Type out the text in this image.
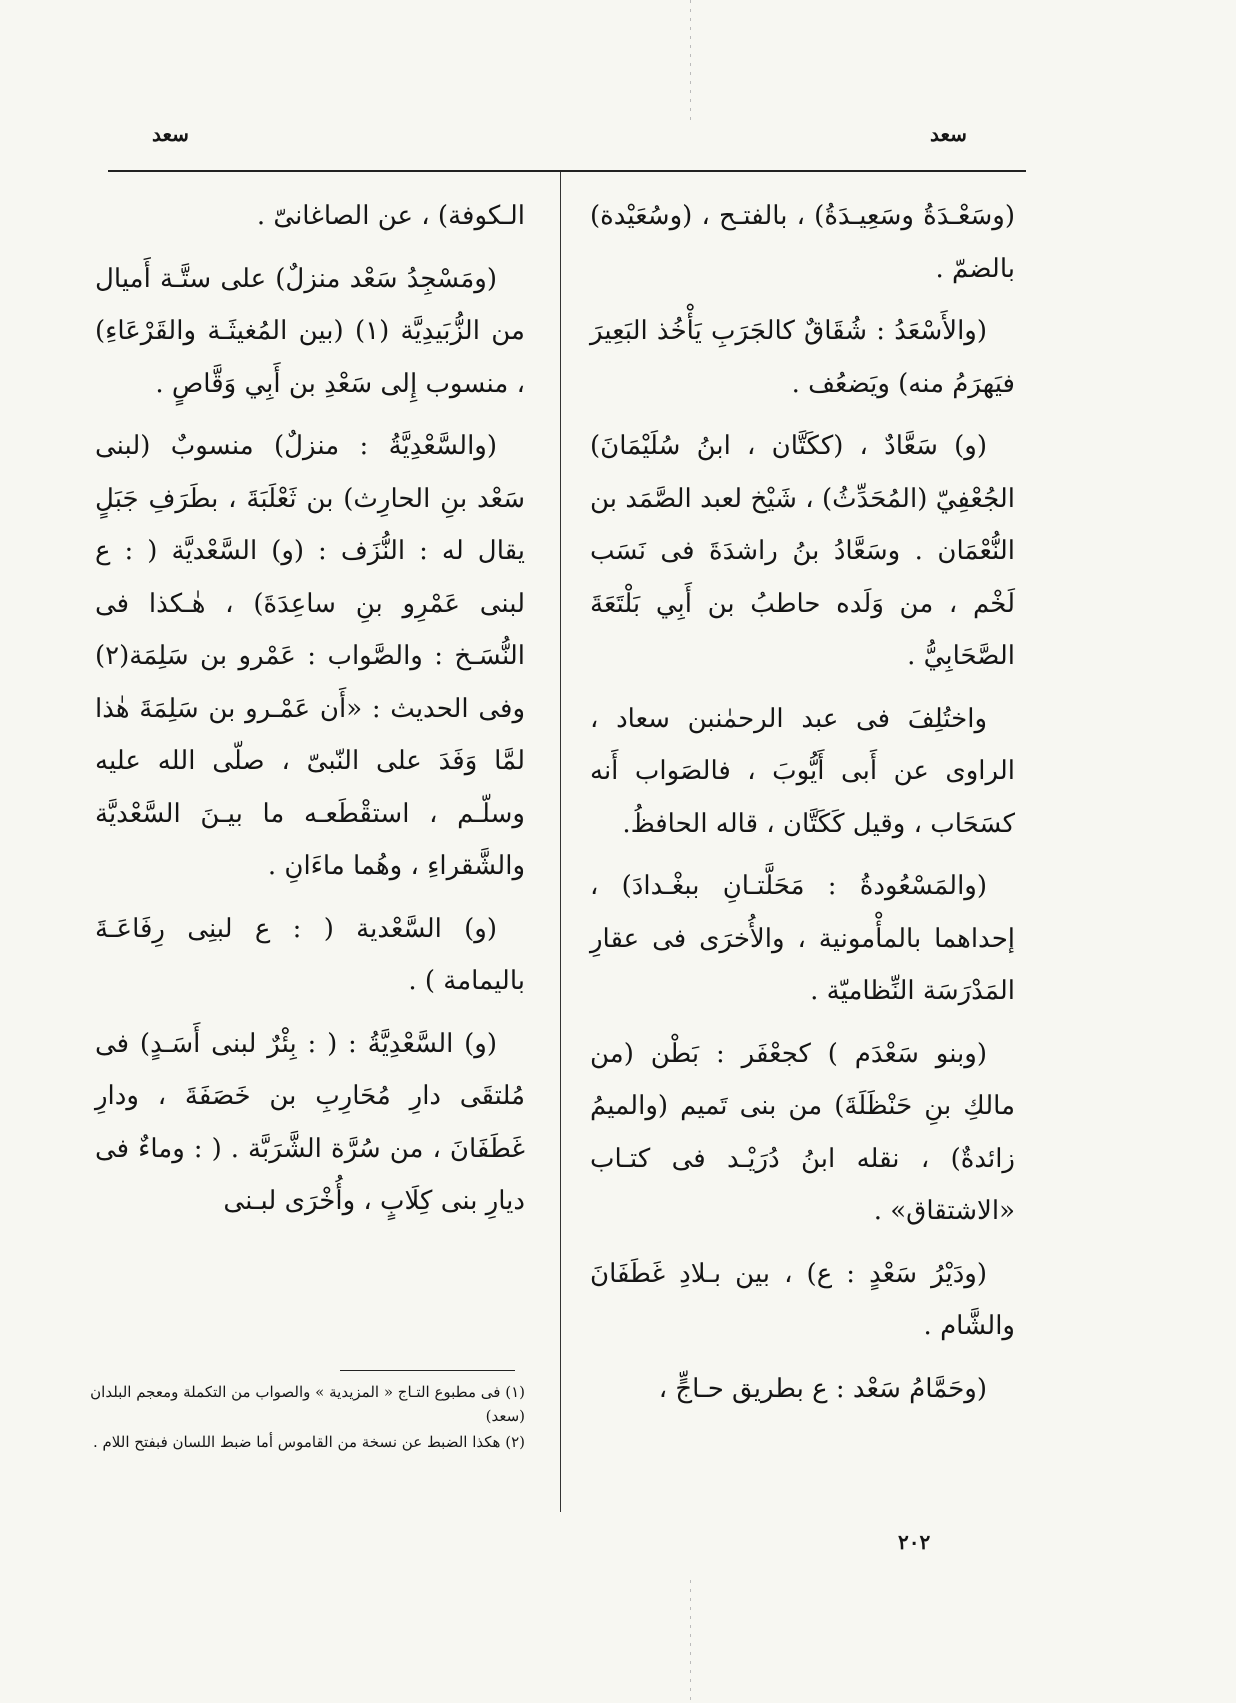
سعد
سعد

(وسَعْـدَةُ وسَعِيـدَةُ) ، بالفتـح ، (وسُعَيْدة) بالضمّ .

(والأَسْعَدُ : شُقَاقٌ كالجَرَبِ يَأْخُذ البَعِيرَ فيَهرَمُ منه) ويَضعُف .

(و) سَعَّادٌ ، (ككَتَّان ، ابنُ سُلَيْمَانَ) الجُعْفِيّ (المُحَدِّثُ) ، شَيْخ لعبد الصَّمَد بن النُّعْمَان . وسَعَّادُ بنُ راشدَةَ فى نَسَب لَخْم ، من وَلَده حاطبُ بن أَبِي بَلْتَعَةَ الصَّحَابِيُّ .

واختُلِفَ فى عبد الرحمٰنبن سعاد ، الراوى عن أَبى أَيُّوبَ ، فالصَواب أَنه كسَحَاب ، وقيل كَكَتَّان ، قاله الحافظُ.

(والمَسْعُودةُ : مَحَلَّتـانِ ببغْـدادَ) ، إحداهما بالمأْمونية ، والأُخرَى فى عقارِ المَدْرَسَة النِّظاميّة .

(وبنو سَعْدَم ) كجعْفَر : بَطْن (من مالكِ بنِ حَنْظَلَةَ) من بنى تَميم (والميمُ زائدةٌ) ، نقله ابنُ دُرَيْـد فى كتـاب «الاشتقاق» .

(ودَيْرُ سَعْدٍ : ع) ، بين بـلادِ غَطَفَانَ والشَّام .

(وحَمَّامُ سَعْد : ع بطريق حـاجٍّ ،

الـكوفة) ، عن الصاغانىّ .

(ومَسْجِدُ سَعْد منزلٌ) على ستَّـة أَميال من الزُّبَيدِيَّة (١) (بين المُغيثَـة والقَرْعَاءِ) ، منسوب إِلى سَعْدِ بن أَبِي وَقَّاصٍ .

(والسَّعْدِيَّةُ : منزلٌ) منسوبٌ (لبنى سَعْد بنِ الحارِث) بن ثَعْلَبَةَ ، بطَرَفِ جَبَلٍ يقال له : النُّزَف : (و) السَّعْديَّة ( : ع لبنى عَمْرِو بنِ ساعِدَةَ) ، هٰـكذا فى النُّسَـخ : والصَّواب : عَمْرو بن سَلِمَة(٢) وفى الحديث : «أَن عَمْـرو بن سَلِمَةَ هٰذا لمَّا وَفَدَ على النّبىّ ، صلّى الله عليه وسلّـم ، استقْطَعـه ما بيـنَ السَّعْديَّة والشَّقراءِ ، وهُما ماءَانِ .

(و) السَّعْدية ( : ع لبنِى رِفَاعَـةَ باليمامة ) .

(و) السَّعْدِيَّةُ : ( : بِئْرٌ لبنى أَسَـدٍ) فى مُلتقَى دارِ مُحَارِبِ بن خَصَفَةَ ، ودارِ غَطَفَانَ ، من سُرَّة الشَّرَبَّة . ( : وماءٌ فى ديارِ بنى كِلَابٍ ، وأُخْرَى لبـنى

(١) فى مطبوع التـاج « المزيدية » والصواب من التكملة ومعجم البلدان (سعد)

(٢) هكذا الضبط عن نسخة من القاموس أما ضبط اللسان فبفتح اللام .

٢٠٢
